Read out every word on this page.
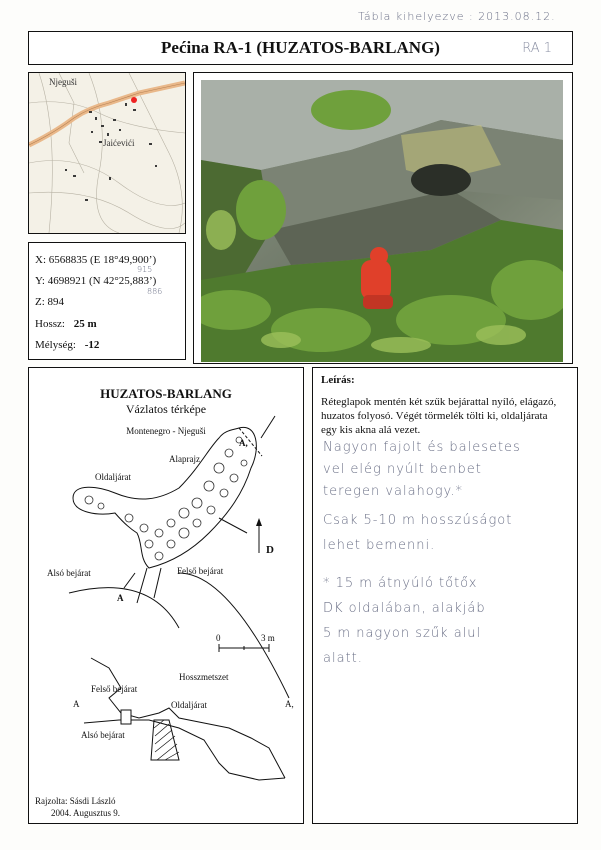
Tábla kihelyezve : 2013.08.12.
Pećina RA-1 (HUZATOS-BARLANG)	RA 1
Njeguši
Jaićevići
X: 6568835 (E 18°49,900’)
915
Y: 4698921 (N 42°25,883’)
886
Z: 894
Hossz: 25 m
Mélység: -12
HUZATOS-BARLANG
Vázlatos térképe
Montenegro - Njeguši
A,
Alaprajz
Oldaljárat
D
Alsó bejárat	Felső bejárat
A
0	3 m
Hosszmetszet
Felső bejárat
A	Oldaljárat	A,
Alsó bejárat
Rajzolta: Sásdi László
2004. Augusztus 9.
Leírás:
Réteglapok mentén két szűk bejárattal nyíló, elágazó, huzatos folyosó. Végét törmelék tölti ki, oldaljárata egy kis akna alá vezet.
Nagyon fajolt és balesetes
vel elég nyúlt benbet
teregen valahogy.*
Csak 5-10 m hosszúságot
lehet bemenni.
* 15 m átnyúló tőtőx
DK oldalában, alakjáb
5 m nagyon szűk alul
alatt.
